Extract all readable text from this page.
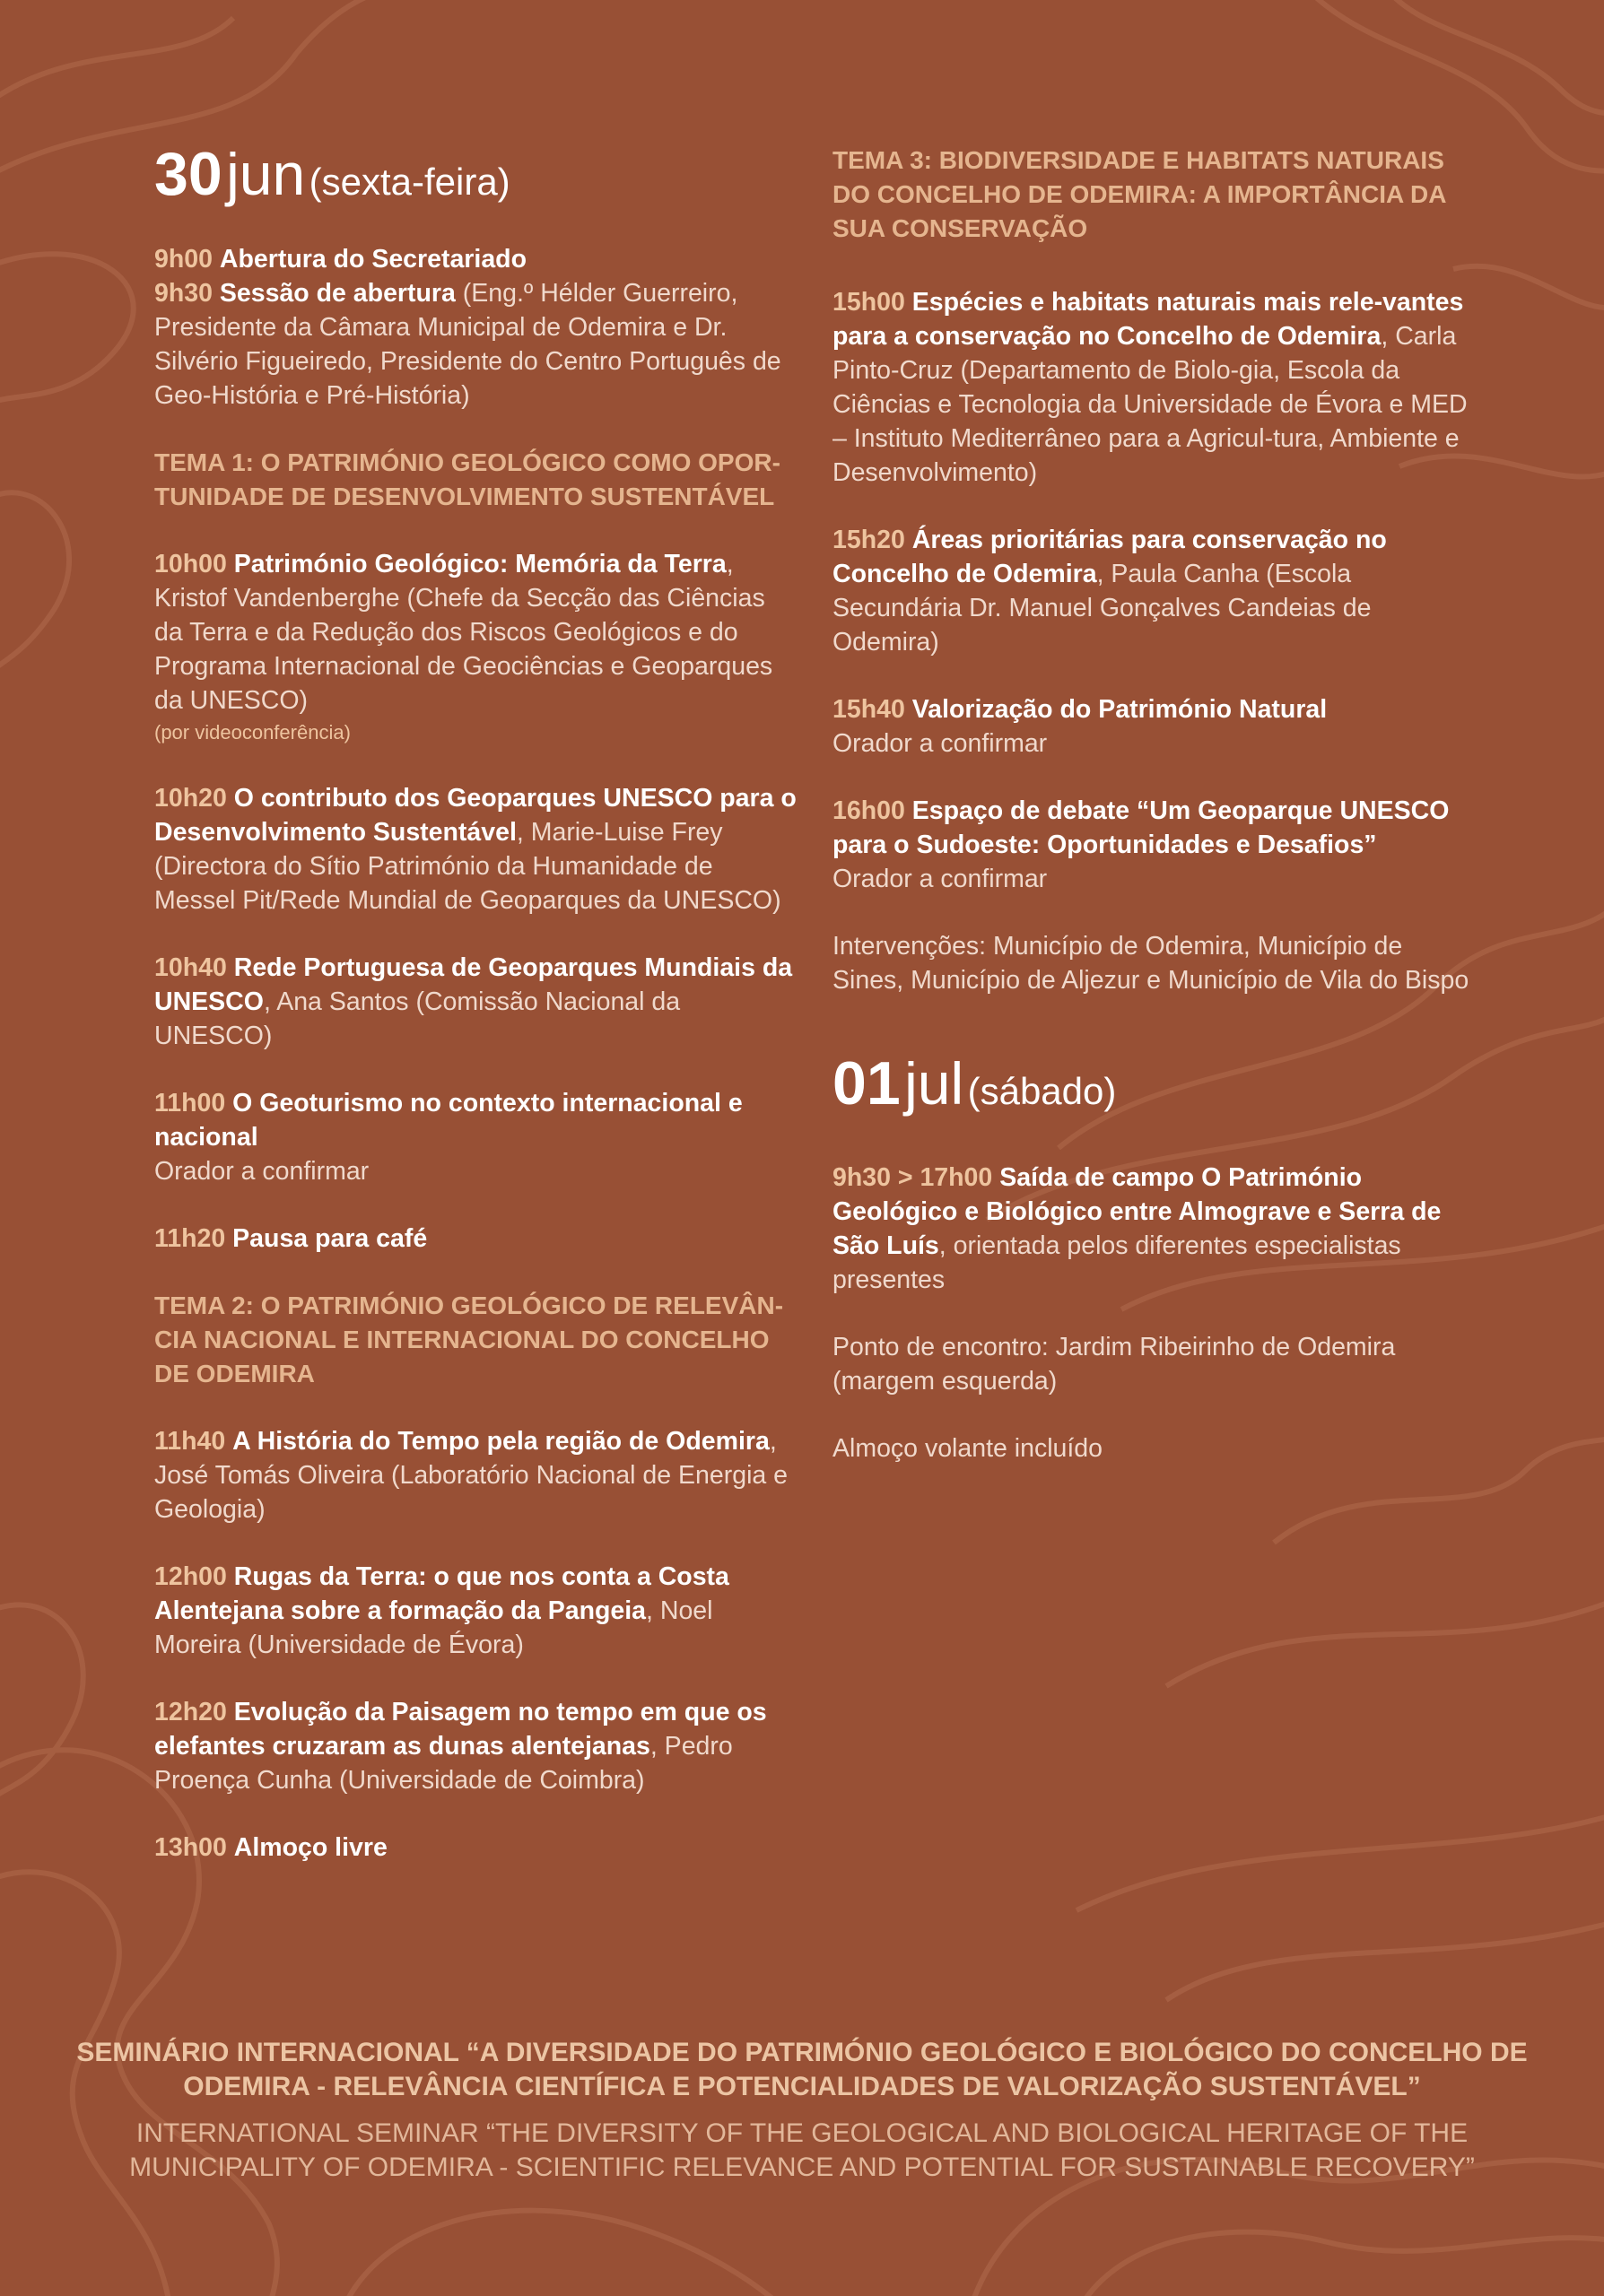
30 jun (sexta-feira)
9h00 Abertura do Secretariado
9h30 Sessão de abertura (Eng.º Hélder Guerreiro, Presidente da Câmara Municipal de Odemira e Dr. Silvério Figueiredo, Presidente do Centro Português de Geo-História e Pré-História)
TEMA 1: O PATRIMÓNIO GEOLÓGICO COMO OPOR-TUNIDADE DE DESENVOLVIMENTO SUSTENTÁVEL
10h00 Património Geológico: Memória da Terra, Kristof Vandenberghe (Chefe da Secção das Ciências da Terra e da Redução dos Riscos Geológicos e do Programa Internacional de Geociências e Geoparques da UNESCO)
(por videoconferência)
10h20 O contributo dos Geoparques UNESCO para o Desenvolvimento Sustentável, Marie-Luise Frey (Directora do Sítio Património da Humanidade de Messel Pit/Rede Mundial de Geoparques da UNESCO)
10h40 Rede Portuguesa de Geoparques Mundiais da UNESCO, Ana Santos (Comissão Nacional da UNESCO)
11h00 O Geoturismo no contexto internacional e nacional
Orador a confirmar
11h20 Pausa para café
TEMA 2: O PATRIMÓNIO GEOLÓGICO DE RELEVÂN-CIA NACIONAL E INTERNACIONAL DO CONCELHO DE ODEMIRA
11h40 A História do Tempo pela região de Odemira, José Tomás Oliveira (Laboratório Nacional de Energia e Geologia)
12h00 Rugas da Terra: o que nos conta a Costa Alentejana sobre a formação da Pangeia, Noel Moreira (Universidade de Évora)
12h20 Evolução da Paisagem no tempo em que os elefantes cruzaram as dunas alentejanas, Pedro Proença Cunha (Universidade de Coimbra)
13h00 Almoço livre
TEMA 3: BIODIVERSIDADE E HABITATS NATURAIS DO CONCELHO DE ODEMIRA: A IMPORTÂNCIA DA SUA CONSERVAÇÃO
15h00 Espécies e habitats naturais mais rele-vantes para a conservação no Concelho de Odemira, Carla Pinto-Cruz (Departamento de Biolo-gia, Escola da Ciências e Tecnologia da Universidade de Évora e MED – Instituto Mediterrâneo para a Agricul-tura, Ambiente e Desenvolvimento)
15h20 Áreas prioritárias para conservação no Concelho de Odemira, Paula Canha (Escola Secundária Dr. Manuel Gonçalves Candeias de Odemira)
15h40 Valorização do Património Natural
Orador a confirmar
16h00 Espaço de debate “Um Geoparque UNESCO para o Sudoeste: Oportunidades e Desafios”
Orador a confirmar
Intervenções: Município de Odemira, Município de Sines, Município de Aljezur e Município de Vila do Bispo
01 jul (sábado)
9h30 > 17h00 Saída de campo O Património Geológico e Biológico entre Almograve e Serra de São Luís, orientada pelos diferentes especialistas presentes
Ponto de encontro: Jardim Ribeirinho de Odemira (margem esquerda)
Almoço volante incluído
SEMINÁRIO INTERNACIONAL “A DIVERSIDADE DO PATRIMÓNIO GEOLÓGICO E BIOLÓGICO DO CONCELHO DE ODEMIRA - RELEVÂNCIA CIENTÍFICA E POTENCIALIDADES DE VALORIZAÇÃO SUSTENTÁVEL”
INTERNATIONAL SEMINAR “THE DIVERSITY OF THE GEOLOGICAL AND BIOLOGICAL HERITAGE OF THE MUNICIPALITY OF ODEMIRA - SCIENTIFIC RELEVANCE AND POTENTIAL FOR SUSTAINABLE RECOVERY”
